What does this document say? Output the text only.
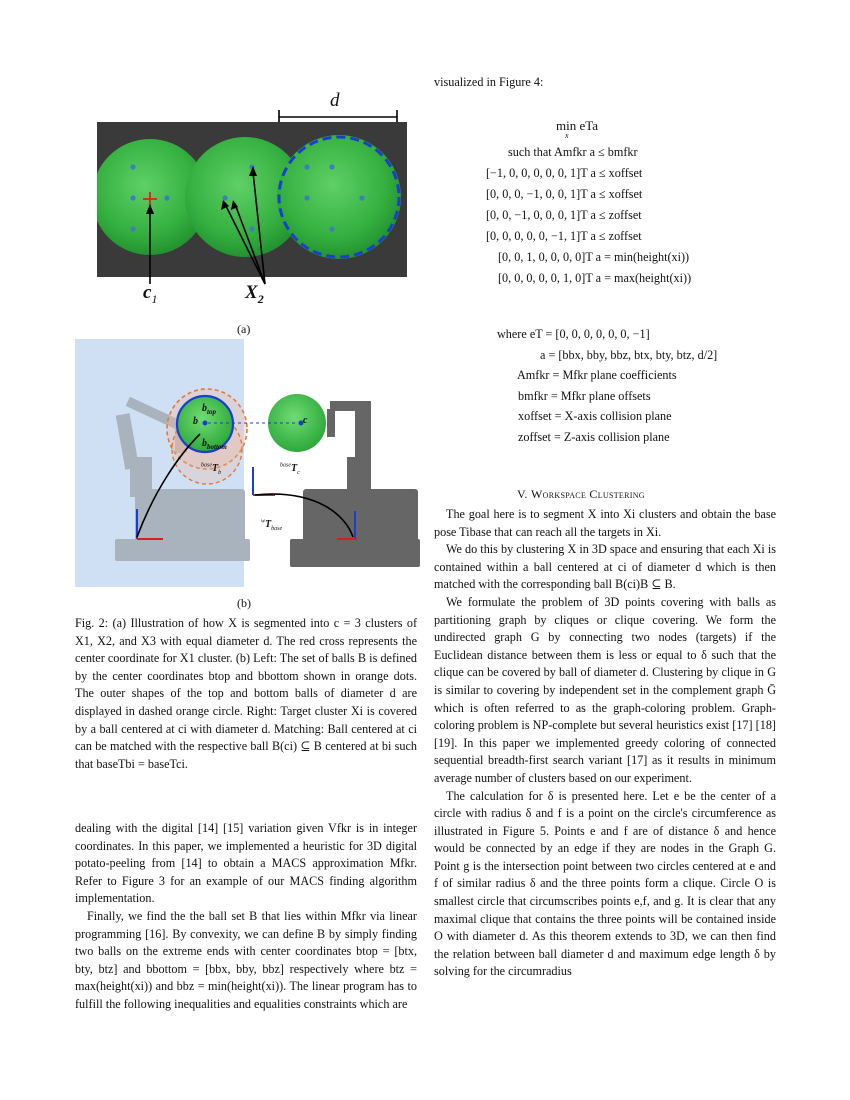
d
$c_1$	$X_2$
(a)
$b_{top}$
b
$b_{bottom}$
$^{base}T_b$
c
$^{base}T_c$
$^wT_{base}$
(b)

Fig. 2: (a) Illustration of how X is segmented into c = 3 clusters of X1, X2, and X3 with equal diameter d. The red cross represents the center coordinate for X1 cluster. (b) Left: The set of balls B is defined by the center coordinates btop and bbottom shown in orange dots. The outer shapes of the top and bottom balls of diameter d are displayed in dashed orange circle. Right: Target cluster Xi is covered by a ball centered at ci with diameter d. Matching: Ball centered at ci can be matched with the respective ball B(ci) ⊆ B centered at bi such that baseTbi = baseTci.

dealing with the digital [14] [15] variation given Vfkr is in integer coordinates. In this paper, we implemented a heuristic for 3D digital potato-peeling from [14] to obtain a MACS approximation Mfkr. Refer to Figure 3 for an example of our MACS finding algorithm implementation.

Finally, we find the the ball set B that lies within Mfkr via linear programming [16]. By convexity, we can define B by simply finding two balls on the extreme ends with center coordinates btop = [btx, bty, btz] and bbottom = [bbx, bby, bbz] respectively where btz = max(height(xi)) and bbz = min(height(xi)). The linear program has to fulfill the following inequalities and equalities constraints which are

visualized in Figure 4:

min eTa
x
such that Amfkr a ≤ bmfkr
[−1, 0, 0, 0, 0, 0, 1]T a ≤ xoffset
[0, 0, 0, −1, 0, 0, 1]T a ≤ xoffset
[0, 0, −1, 0, 0, 0, 1]T a ≤ zoffset
[0, 0, 0, 0, 0, −1, 1]T a ≤ zoffset
[0, 0, 1, 0, 0, 0, 0]T a = min(height(xi))
[0, 0, 0, 0, 0, 1, 0]T a = max(height(xi))
where eT = [0, 0, 0, 0, 0, 0, −1]
a = [bbx, bby, bbz, btx, bty, btz, d/2]
Amfkr = Mfkr plane coefficients
bmfkr = Mfkr plane offsets
xoffset = X-axis collision plane
zoffset = Z-axis collision plane
V. Workspace Clustering

The goal here is to segment X into Xi clusters and obtain the base pose Tibase that can reach all the targets in Xi.

We do this by clustering X in 3D space and ensuring that each Xi is contained within a ball centered at ci of diameter d which is then matched with the corresponding ball B(ci)B ⊆ B.

We formulate the problem of 3D points covering with balls as partitioning graph by cliques or clique covering. We form the undirected graph G by connecting two nodes (targets) if the Euclidean distance between them is less or equal to δ such that the clique can be covered by ball of diameter d. Clustering by clique in G is similar to covering by independent set in the complement graph Ḡ which is often referred to as the graph-coloring problem. Graph-coloring problem is NP-complete but several heuristics exist [17] [18] [19]. In this paper we implemented greedy coloring of connected sequential breadth-first search variant [17] as it results in minimum average number of clusters based on our experiment.

The calculation for δ is presented here. Let e be the center of a circle with radius δ and f is a point on the circle's circumference as illustrated in Figure 5. Points e and f are of distance δ and hence would be connected by an edge if they are nodes in the Graph G. Point g is the intersection point between two circles centered at e and f of similar radius δ and the three points form a clique. Circle O is smallest circle that circumscribes points e,f, and g. It is clear that any maximal clique that contains the three points will be contained inside O with diameter d. As this theorem extends to 3D, we can then find the relation between ball diameter d and maximum edge length δ by solving for the circumradius
